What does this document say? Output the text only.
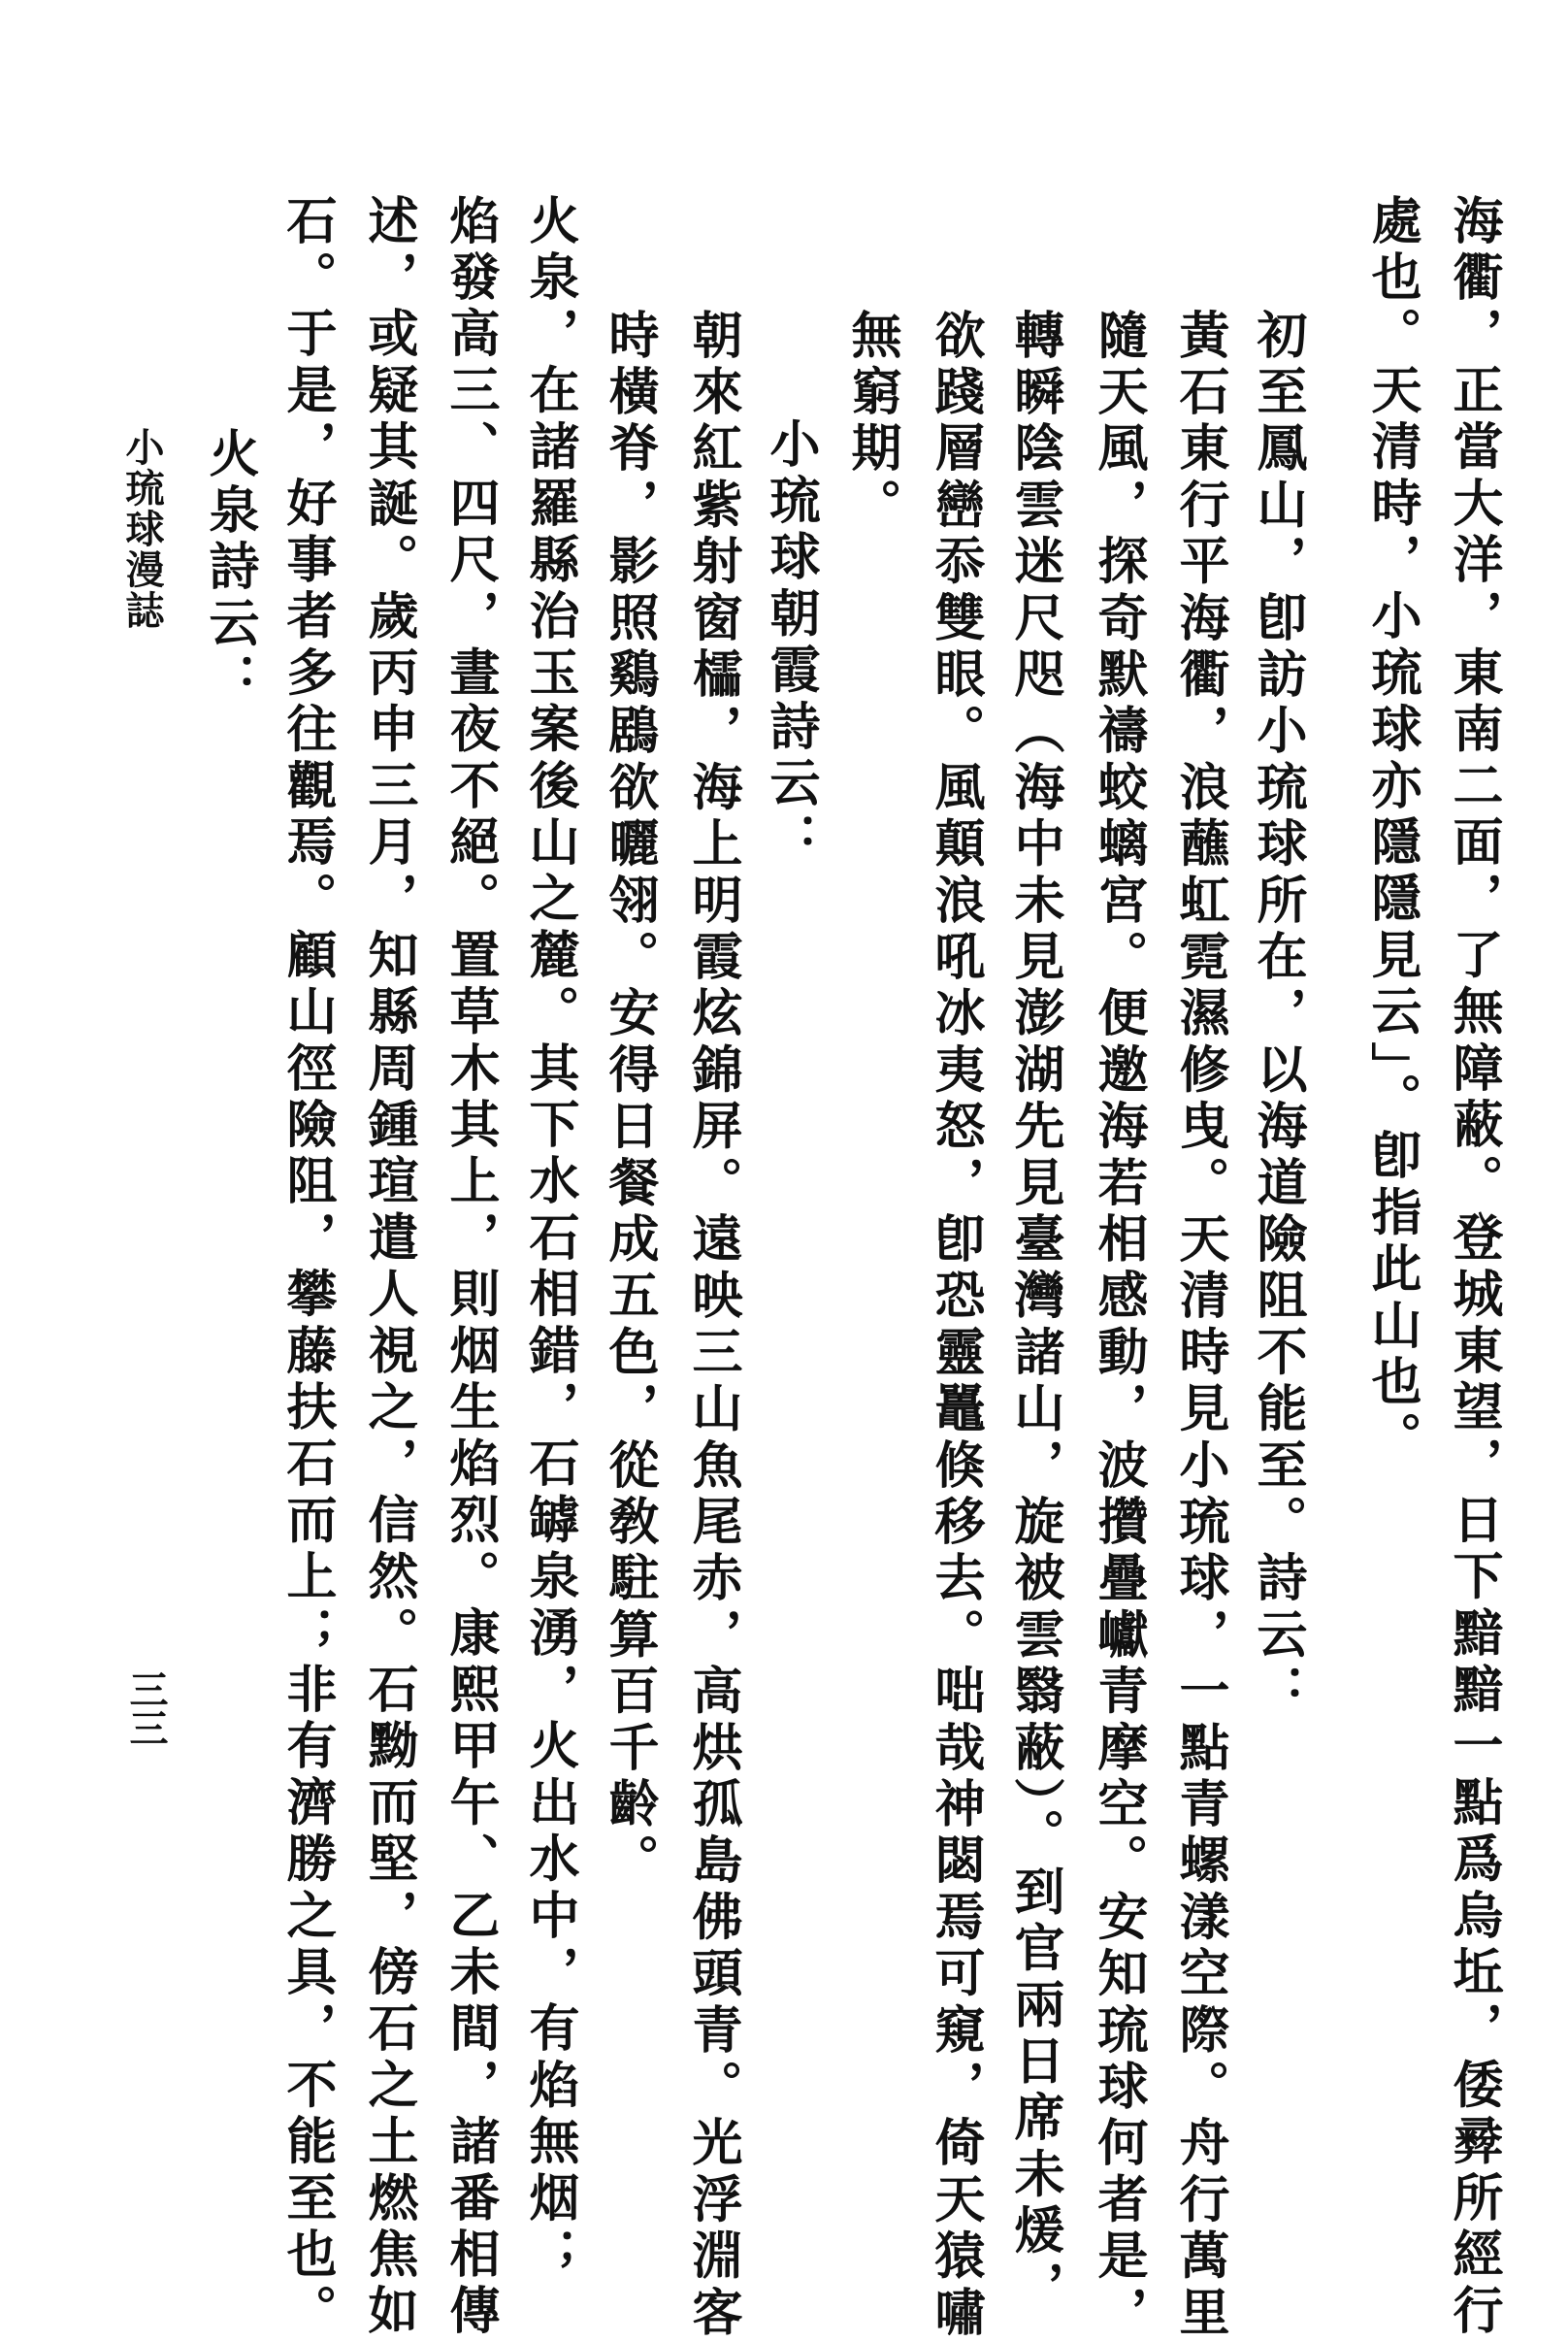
海衢，正當大洋，東南二面，了無障蔽。登城東望，日下黯黯一點爲烏坵，倭彛所經行
處也。天清時，小琉球亦隱隱見云」。卽指此山也。
初至鳳山，卽訪小琉球所在，以海道險阻不能至。詩云：
黃石東行平海衢，浪蘸虹霓濕修曳。天清時見小琉球，一點青螺漾空際。舟行萬里
隨天風，探奇默禱蛟螭宮。便邀海若相感動，波攢疊巘青摩空。安知琉球何者是，
轉瞬陰雲迷尺咫（海中未見澎湖先見臺灣諸山，旋被雲翳蔽）。到官兩日席未煖，
欲踐層巒忝雙眼。風顛浪吼冰夷怒，卽恐靈鼉倏移去。咄哉神閟焉可窺，倚天猿嘯
無窮期。
小琉球朝霞詩云：
朝來紅紫射窗櫺，海上明霞炫錦屏。遠映三山魚尾赤，高烘孤島佛頭青。光浮淵客
時橫脊，影照鷄鶋欲曬翎。安得日餐成五色，從敎駐算百千齡。
火泉，在諸羅縣治玉案後山之麓。其下水石相錯，石罅泉湧，火出水中，有焰無烟；
焰發高三、四尺，晝夜不絕。置草木其上，則烟生焰烈。康熙甲午、乙未間，諸番相傳
述，或疑其誕。歲丙申三月，知縣周鍾瑄遣人視之，信然。石黝而堅，傍石之土燃焦如
石。于是，好事者多往觀焉。顧山徑險阻，攀藤扶石而上；非有濟勝之具，不能至也。
火泉詩云：
小琉球漫誌
三三
